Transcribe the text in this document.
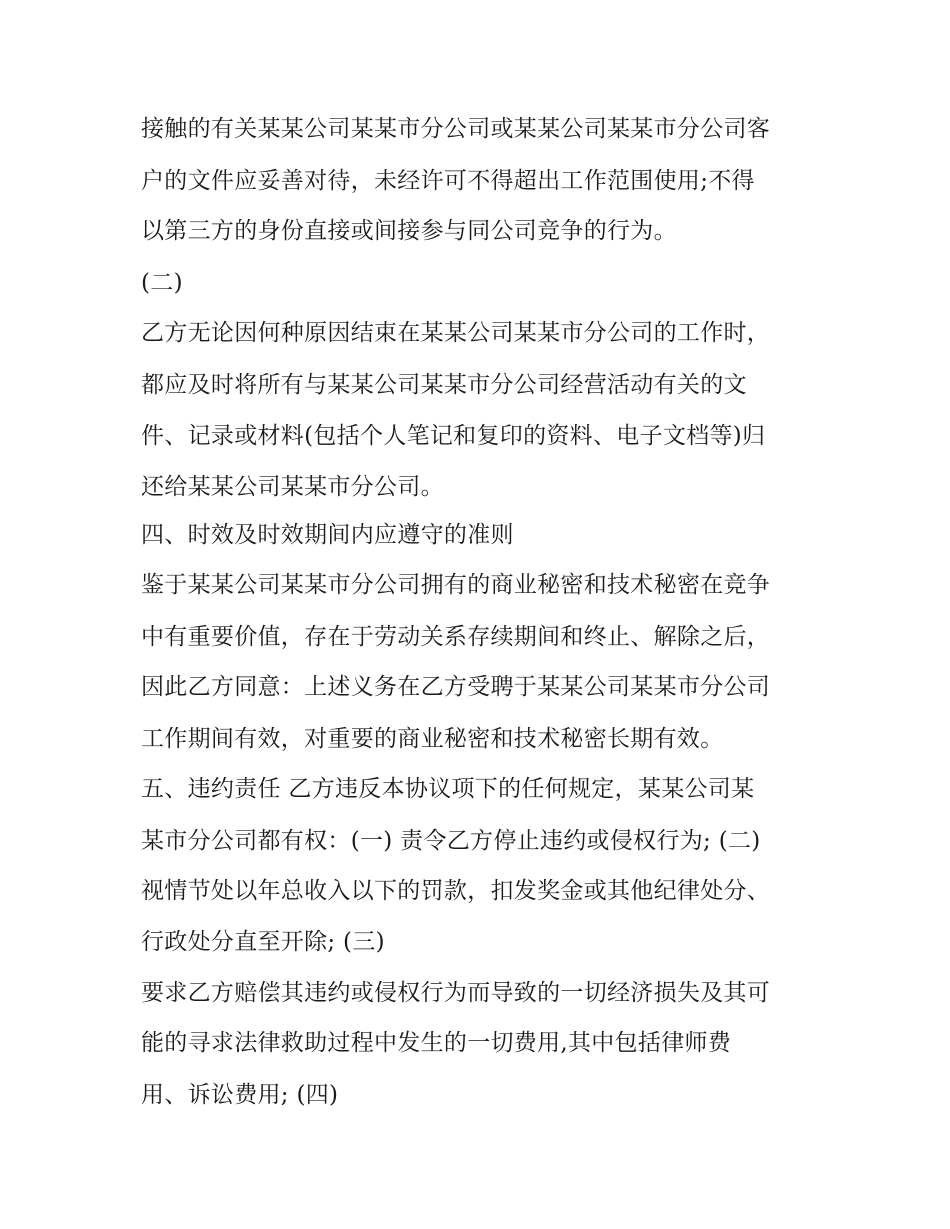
接触的有关某某公司某某市分公司或某某公司某某市分公司客

户的文件应妥善对待，未经许可不得超出工作范围使用;不得

以第三方的身份直接或间接参与同公司竞争的行为。

(二)

乙方无论因何种原因结束在某某公司某某市分公司的工作时，

都应及时将所有与某某公司某某市分公司经营活动有关的文

件、记录或材料(包括个人笔记和复印的资料、电子文档等)归

还给某某公司某某市分公司。

四、时效及时效期间内应遵守的准则

鉴于某某公司某某市分公司拥有的商业秘密和技术秘密在竞争

中有重要价值，存在于劳动关系存续期间和终止、解除之后，

因此乙方同意：上述义务在乙方受聘于某某公司某某市分公司

工作期间有效，对重要的商业秘密和技术秘密长期有效。

五、违约责任 乙方违反本协议项下的任何规定，某某公司某

某市分公司都有权：(一) 责令乙方停止违约或侵权行为; (二)

视情节处以年总收入以下的罚款，扣发奖金或其他纪律处分、

行政处分直至开除; (三)

要求乙方赔偿其违约或侵权行为而导致的一切经济损失及其可

能的寻求法律救助过程中发生的一切费用,其中包括律师费

用、诉讼费用; (四)
